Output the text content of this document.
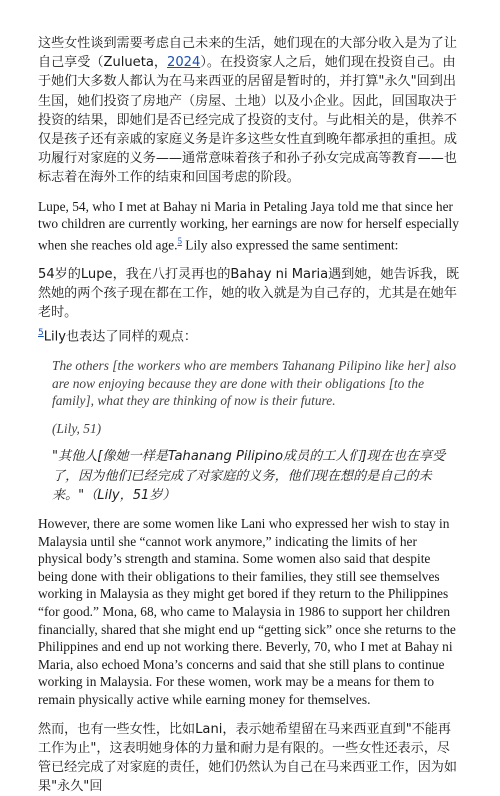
这些女性谈到需要考虑自己未来的生活，她们现在的大部分收入是为了让自己享受（Zulueta，2024）。在投资家人之后，她们现在投资自己。由于她们大多数人都认为在马来西亚的居留是暂时的，并打算"永久"回到出生国，她们投资了房地产（房屋、土地）以及小企业。因此，回国取决于投资的结果，即她们是否已经完成了投资的支付。与此相关的是，供养不仅是孩子还有亲戚的家庭义务是许多这些女性直到晚年都承担的重担。成功履行对家庭的义务——通常意味着孩子和孙子孙女完成高等教育——也标志着在海外工作的结束和回国考虑的阶段。

Lupe, 54, who I met at Bahay ni Maria in Petaling Jaya told me that since her two children are currently working, her earnings are now for herself especially when she reaches old age.$^5$ Lily also expressed the same sentiment:

54岁的Lupe，我在八打灵再也的Bahay ni Maria遇到她，她告诉我，既然她的两个孩子现在都在工作，她的收入就是为自己存的，尤其是在她年老时。
$^5$Lily也表达了同样的观点：

The others [the workers who are members Tahanang Pilipino like her] also are now enjoying because they are done with their obligations [to the family], what they are thinking of now is their future.

(Lily, 51)

"其他人[像她一样是Tahanang Pilipino成员的工人们]现在也在享受了，因为他们已经完成了对家庭的义务，他们现在想的是自己的未来。"（Lily，51岁）

However, there are some women like Lani who expressed her wish to stay in Malaysia until she “cannot work anymore,” indicating the limits of her physical body’s strength and stamina. Some women also said that despite being done with their obligations to their families, they still see themselves working in Malaysia as they might get bored if they return to the Philippines “for good.” Mona, 68, who came to Malaysia in 1986 to support her children financially, shared that she might end up “getting sick” once she returns to the Philippines and end up not working there. Beverly, 70, who I met at Bahay ni Maria, also echoed Mona’s concerns and said that she still plans to continue working in Malaysia. For these women, work may be a means for them to remain physically active while earning money for themselves.

然而，也有一些女性，比如Lani，表示她希望留在马来西亚直到"不能再工作为止"，这表明她身体的力量和耐力是有限的。一些女性还表示，尽管已经完成了对家庭的责任，她们仍然认为自己在马来西亚工作，因为如果"永久"回
